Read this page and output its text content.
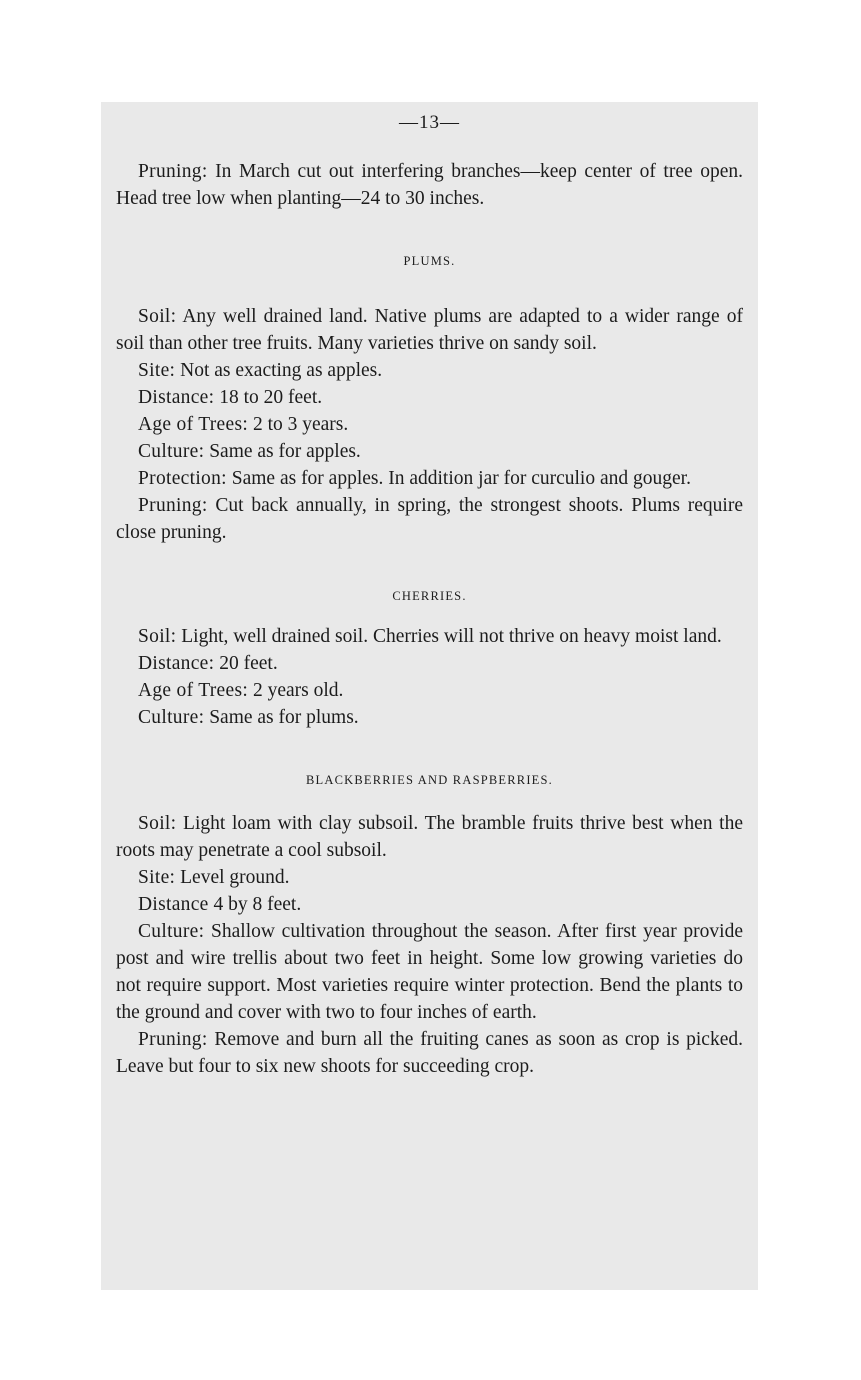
—13—

Pruning: In March cut out interfering branches—keep center of tree open. Head tree low when planting—24 to 30 inches.

PLUMS.

Soil: Any well drained land. Native plums are adapted to a wider range of soil than other tree fruits. Many varieties thrive on sandy soil.

Site: Not as exacting as apples.

Distance: 18 to 20 feet.

Age of Trees: 2 to 3 years.

Culture: Same as for apples.

Protection: Same as for apples. In addition jar for curculio and gouger.

Pruning: Cut back annually, in spring, the strongest shoots. Plums require close pruning.

CHERRIES.

Soil: Light, well drained soil. Cherries will not thrive on heavy moist land.

Distance: 20 feet.

Age of Trees: 2 years old.

Culture: Same as for plums.

BLACKBERRIES AND RASPBERRIES.

Soil: Light loam with clay subsoil. The bramble fruits thrive best when the roots may penetrate a cool subsoil.

Site: Level ground.

Distance 4 by 8 feet.

Culture: Shallow cultivation throughout the season. After first year provide post and wire trellis about two feet in height. Some low growing varieties do not require support. Most varieties require winter protection. Bend the plants to the ground and cover with two to four inches of earth.

Pruning: Remove and burn all the fruiting canes as soon as crop is picked. Leave but four to six new shoots for succeeding crop.
